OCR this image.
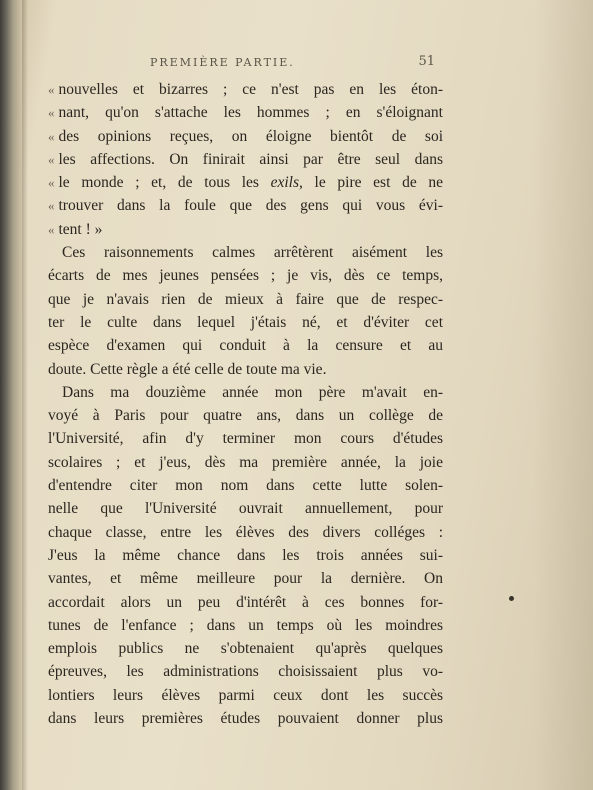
PREMIÈRE PARTIE.	51
« nouvelles et bizarres ; ce n'est pas en les éton-
« nant, qu'on s'attache les hommes ; en s'éloignant
« des opinions reçues, on éloigne bientôt de soi
« les affections. On finirait ainsi par être seul dans
« le monde ; et, de tous les exils, le pire est de ne
« trouver dans la foule que des gens qui vous évi-
« tent ! »
Ces raisonnements calmes arrêtèrent aisément les
écarts de mes jeunes pensées ; je vis, dès ce temps,
que je n'avais rien de mieux à faire que de respec-
ter le culte dans lequel j'étais né, et d'éviter cet
espèce d'examen qui conduit à la censure et au
doute. Cette règle a été celle de toute ma vie.
Dans ma douzième année mon père m'avait en-
voyé à Paris pour quatre ans, dans un collège de
l'Université, afin d'y terminer mon cours d'études
scolaires ; et j'eus, dès ma première année, la joie
d'entendre citer mon nom dans cette lutte solen-
nelle que l'Université ouvrait annuellement, pour
chaque classe, entre les élèves des divers colléges :
J'eus la même chance dans les trois années sui-
vantes, et même meilleure pour la dernière. On
accordait alors un peu d'intérêt à ces bonnes for-
tunes de l'enfance ; dans un temps où les moindres
emplois publics ne s'obtenaient qu'après quelques
épreuves, les administrations choisissaient plus vo-
lontiers leurs élèves parmi ceux dont les succès
dans leurs premières études pouvaient donner plus
